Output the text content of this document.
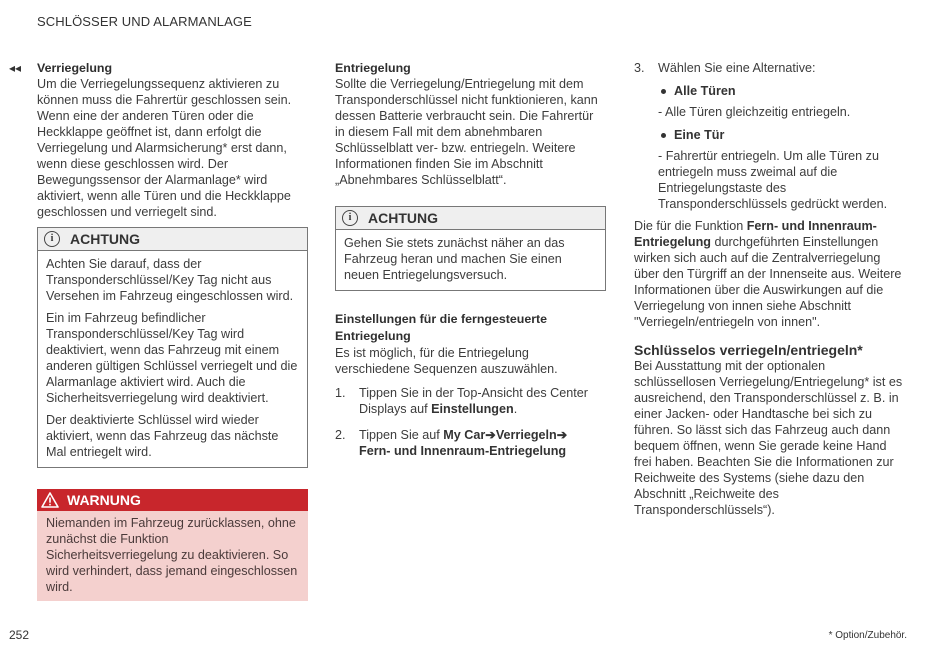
SCHLÖSSER UND ALARMANLAGE
◂◂ Verriegelung

Um die Verriegelungssequenz aktivieren zu können muss die Fahrertür geschlossen sein. Wenn eine der anderen Türen oder die Heckklappe geöffnet ist, dann erfolgt die Verriegelung und Alarmsicherung* erst dann, wenn diese geschlossen wird. Der Bewegungssensor der Alarmanlage* wird aktiviert, wenn alle Türen und die Heckklappe geschlossen und verriegelt sind.

i	ACHTUNG

Achten Sie darauf, dass der Transponderschlüssel/Key Tag nicht aus Versehen im Fahrzeug eingeschlossen wird.

Ein im Fahrzeug befindlicher Transponderschlüssel/Key Tag wird deaktiviert, wenn das Fahrzeug mit einem anderen gültigen Schlüssel verriegelt und die Alarmanlage aktiviert wird. Auch die Sicherheitsverriegelung wird deaktiviert.

Der deaktivierte Schlüssel wird wieder aktiviert, wenn das Fahrzeug das nächste Mal entriegelt wird.

WARNUNG

Niemanden im Fahrzeug zurücklassen, ohne zunächst die Funktion Sicherheitsverriegelung zu deaktivieren. So wird verhindert, dass jemand eingeschlossen wird.

Entriegelung

Sollte die Verriegelung/Entriegelung mit dem Transponderschlüssel nicht funktionieren, kann dessen Batterie verbraucht sein. Die Fahrertür in diesem Fall mit dem abnehmbaren Schlüsselblatt ver- bzw. entriegeln. Weitere Informationen finden Sie im Abschnitt „Abnehmbares Schlüsselblatt“.

i	ACHTUNG

Gehen Sie stets zunächst näher an das Fahrzeug heran und machen Sie einen neuen Entriegelungsversuch.

Einstellungen für die ferngesteuerte Entriegelung

Es ist möglich, für die Entriegelung verschiedene Sequenzen auszuwählen.

1. Tippen Sie in der Top-Ansicht des Center Displays auf Einstellungen.
2. Tippen Sie auf My Car➔Verriegeln➔
Fern- und Innenraum-Entriegelung
3. Wählen Sie eine Alternative:
Alle Türen

- Alle Türen gleichzeitig entriegeln.

Eine Tür

- Fahrertür entriegeln. Um alle Türen zu entriegeln muss zweimal auf die Entriegelungstaste des Transponderschlüssels gedrückt werden.

Die für die Funktion Fern- und Innenraum-Entriegelung durchgeführten Einstellungen wirken sich auch auf die Zentralverriegelung über den Türgriff an der Innenseite aus. Weitere Informationen über die Auswirkungen auf die Verriegelung von innen siehe Abschnitt "Verriegeln/entriegeln von innen".

Schlüsselos verriegeln/entriegeln*

Bei Ausstattung mit der optionalen schlüssellosen Verriegelung/Entriegelung* ist es ausreichend, den Transponderschlüssel z. B. in einer Jacken- oder Handtasche bei sich zu führen. So lässt sich das Fahrzeug auch dann bequem öffnen, wenn Sie gerade keine Hand frei haben. Beachten Sie die Informationen zur Reichweite des Systems (siehe dazu den Abschnitt „Reichweite des Transponderschlüssels“).

252	* Option/Zubehör.
